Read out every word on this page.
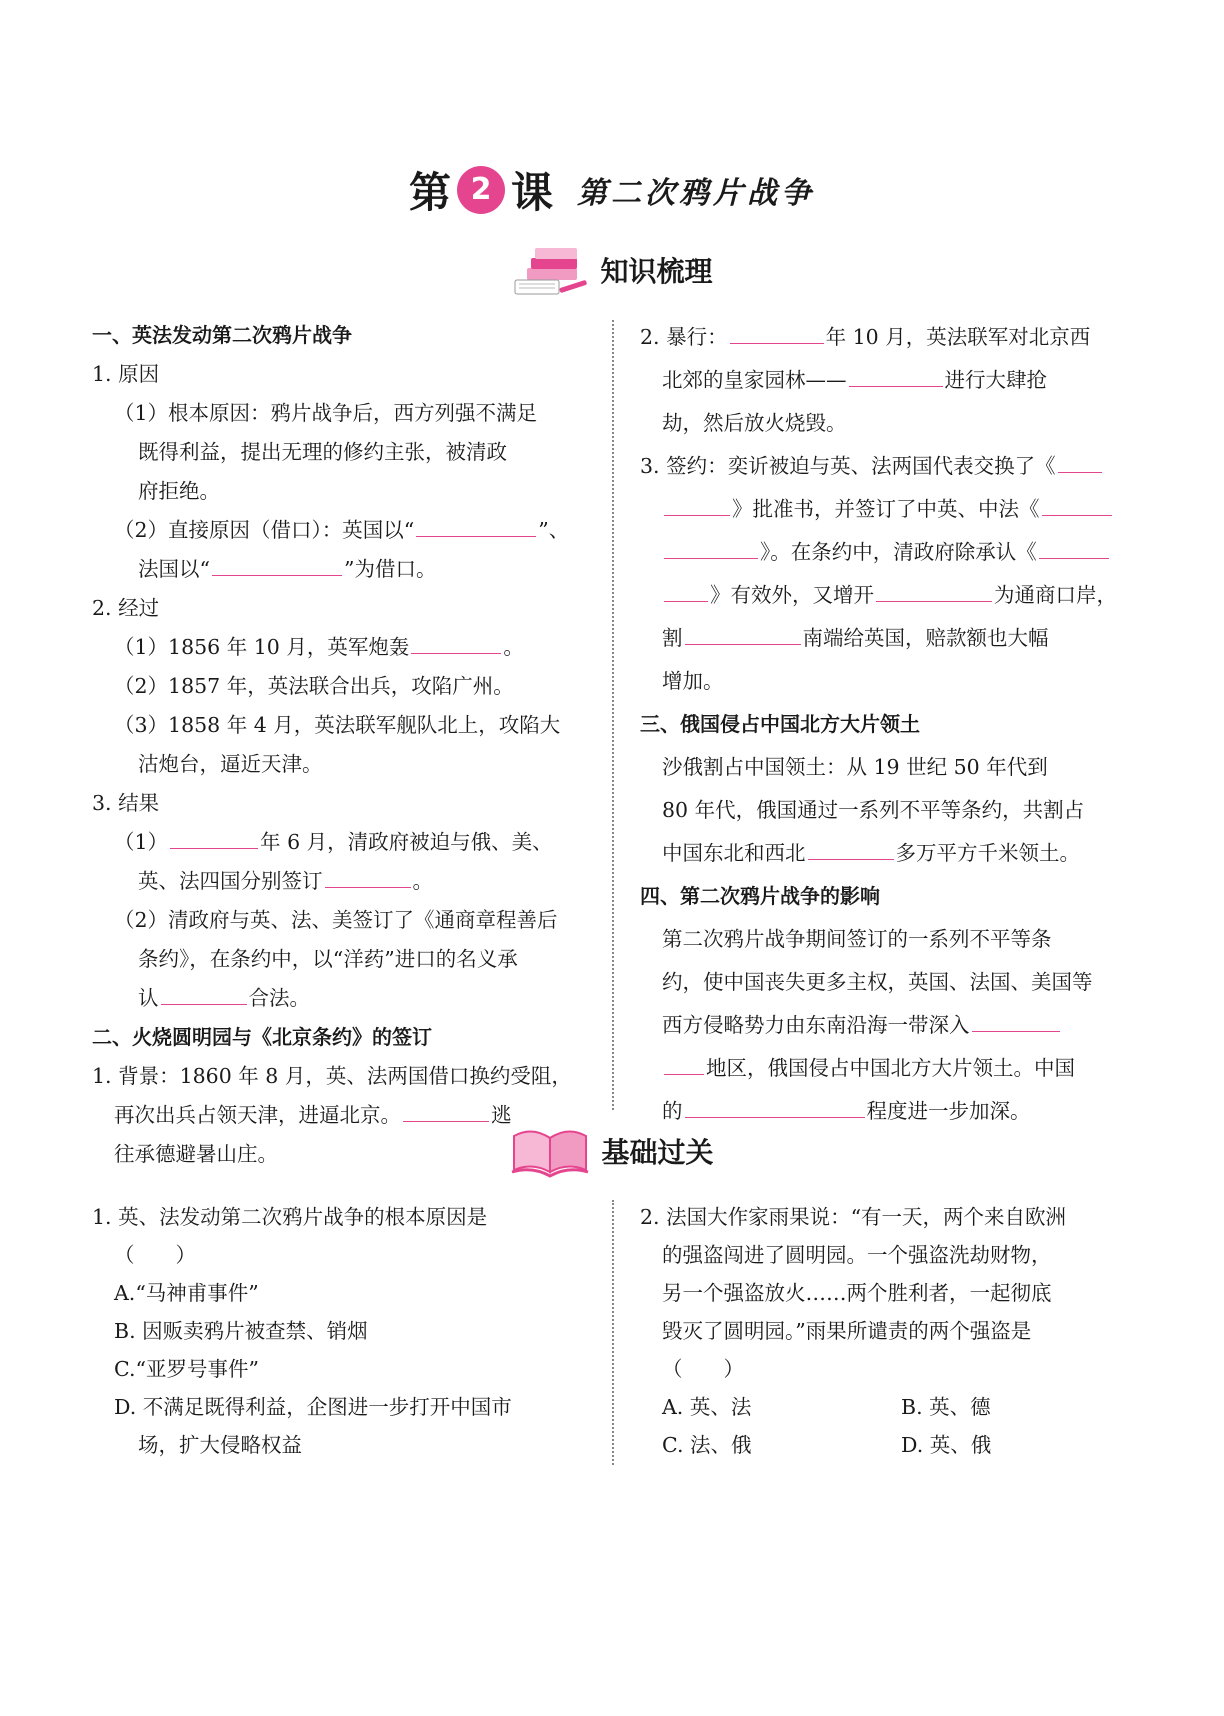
第 2 课 第二次鸦片战争
知识梳理

一、英法发动第二次鸦片战争

1. 原因

（1）根本原因：鸦片战争后，西方列强不满足

既得利益，提出无理的修约主张，被清政

府拒绝。

（2）直接原因（借口）：英国以“	”、

法国以“	”为借口。

2. 经过

（1）1856 年 10 月，英军炮轰	。

（2）1857 年，英法联合出兵，攻陷广州。

（3）1858 年 4 月，英法联军舰队北上，攻陷大

沽炮台，逼近天津。

3. 结果

（1）	年 6 月，清政府被迫与俄、美、

英、法四国分别签订	。

（2）清政府与英、法、美签订了《通商章程善后

条约》，在条约中，以“洋药”进口的名义承

认	合法。

二、火烧圆明园与《北京条约》的签订

1. 背景：1860 年 8 月，英、法两国借口换约受阻，

再次出兵占领天津，进逼北京。	逃

往承德避暑山庄。

2. 暴行：	年 10 月，英法联军对北京西

北郊的皇家园林——	进行大肆抢

劫，然后放火烧毁。

3. 签约：奕䜣被迫与英、法两国代表交换了《

》批准书，并签订了中英、中法《

》。在条约中，清政府除承认《

》有效外，又增开	为通商口岸，

割	南端给英国，赔款额也大幅

增加。

三、俄国侵占中国北方大片领土

沙俄割占中国领土：从 19 世纪 50 年代到

80 年代，俄国通过一系列不平等条约，共割占

中国东北和西北	多万平方千米领土。

四、第二次鸦片战争的影响

第二次鸦片战争期间签订的一系列不平等条

约，使中国丧失更多主权，英国、法国、美国等

西方侵略势力由东南沿海一带深入

地区，俄国侵占中国北方大片领土。中国

的	程度进一步加深。

基础过关

1. 英、法发动第二次鸦片战争的根本原因是

（　　）

A.“马神甫事件”

B. 因贩卖鸦片被查禁、销烟

C.“亚罗号事件”

D. 不满足既得利益，企图进一步打开中国市

场，扩大侵略权益

2. 法国大作家雨果说：“有一天，两个来自欧洲

的强盗闯进了圆明园。一个强盗洗劫财物，

另一个强盗放火……两个胜利者，一起彻底

毁灭了圆明园。”雨果所谴责的两个强盗是

（　　）

A. 英、法	B. 英、德

C. 法、俄	D. 英、俄
